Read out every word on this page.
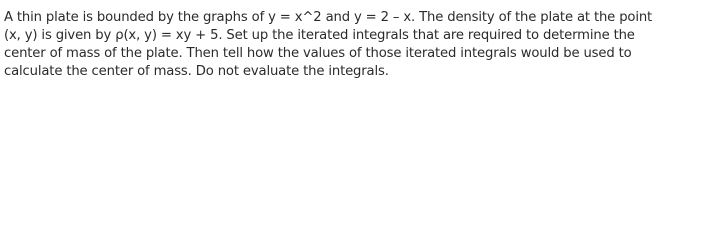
A thin plate is bounded by the graphs of y = x^2 and y = 2 – x. The density of the plate at the point
(x, y) is given by ρ(x, y) = xy + 5. Set up the iterated integrals that are required to determine the
center of mass of the plate. Then tell how the values of those iterated integrals would be used to
calculate the center of mass. Do not evaluate the integrals.
